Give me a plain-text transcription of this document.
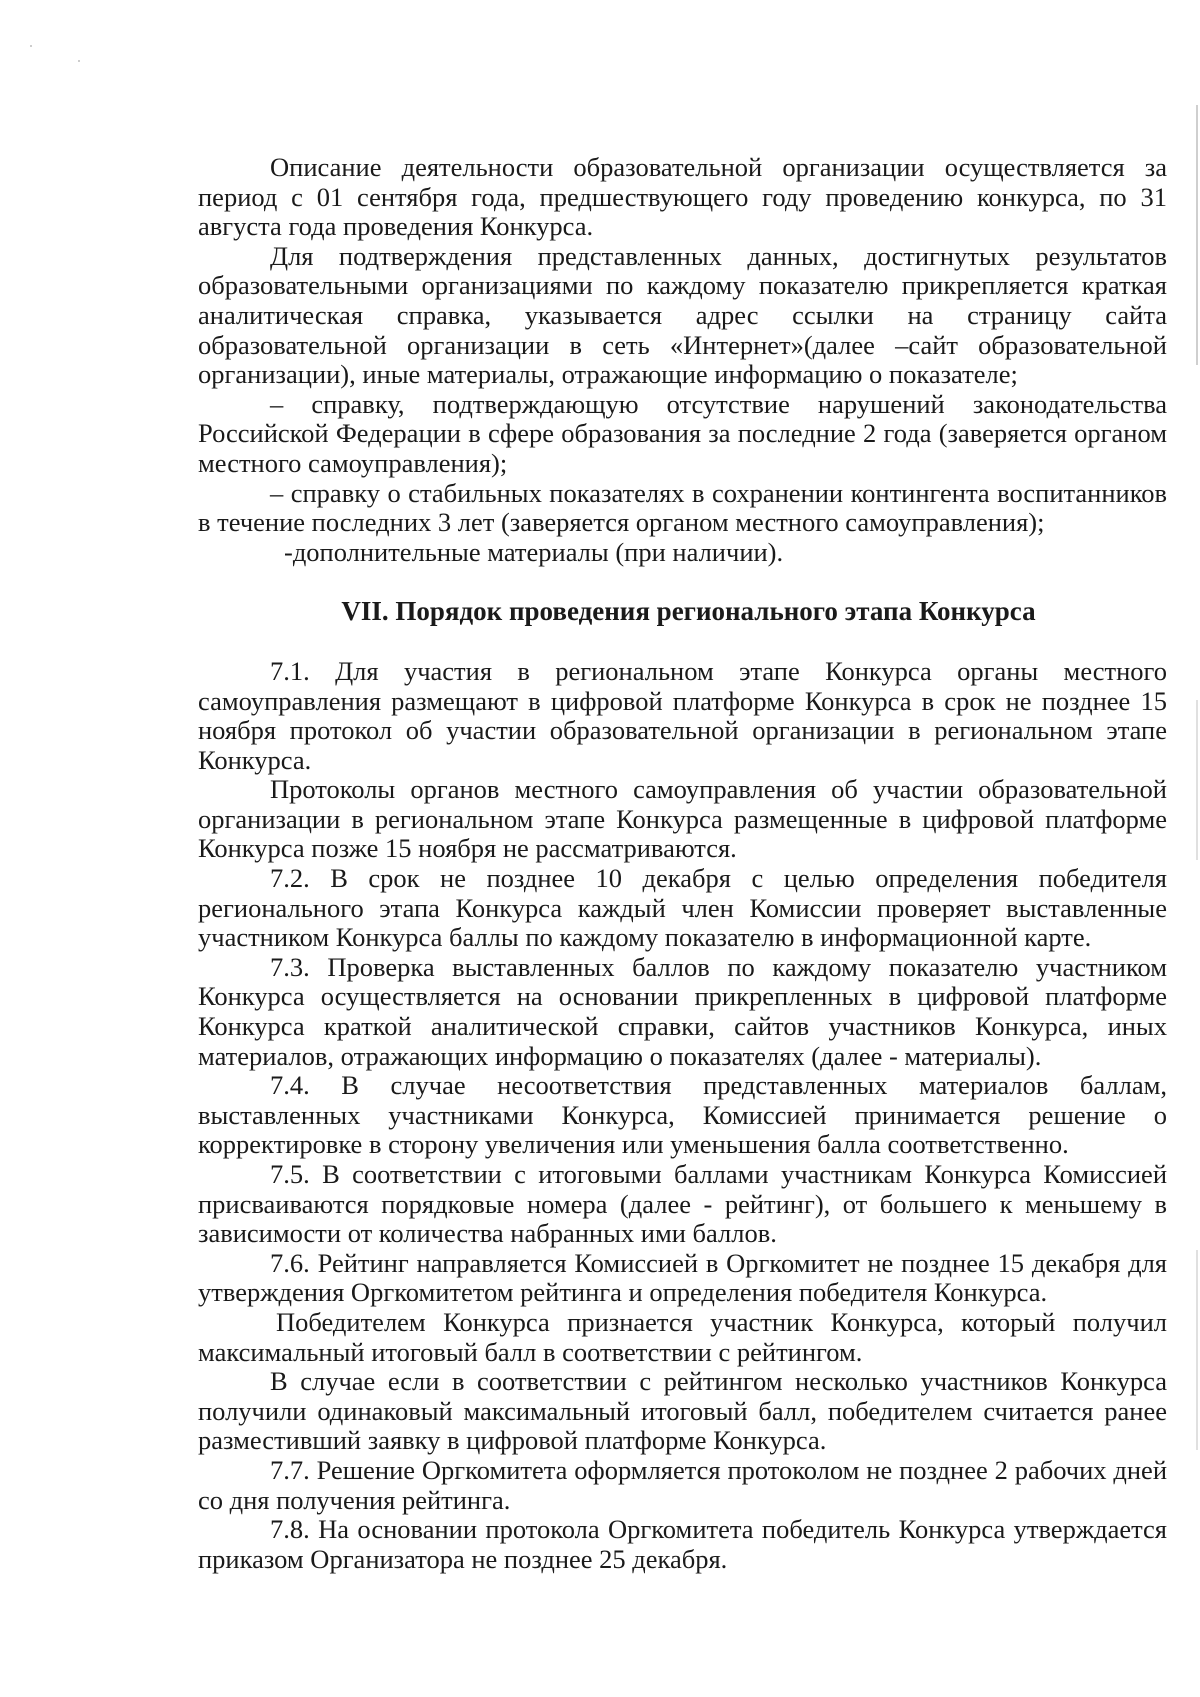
Описание деятельности образовательной организации осуществляется за период с 01 сентября года, предшествующего году проведению конкурса, по 31 августа года проведения Конкурса.

Для подтверждения представленных данных, достигнутых результатов образовательными организациями по каждому показателю прикрепляется краткая аналитическая справка, указывается адрес ссылки на страницу сайта образовательной организации в сеть «Интернет»(далее –сайт образовательной организации), иные материалы, отражающие информацию о показателе;

– справку, подтверждающую отсутствие нарушений законодательства Российской Федерации в сфере образования за последние 2 года (заверяется органом местного самоуправления);

– справку о стабильных показателях в сохранении контингента воспитанников в течение последних 3 лет (заверяется органом местного самоуправления);

-дополнительные материалы (при наличии).

VII. Порядок проведения регионального этапа Конкурса

7.1. Для участия в региональном этапе Конкурса органы местного самоуправления размещают в цифровой платформе Конкурса в срок не позднее 15 ноября протокол об участии образовательной организации в региональном этапе Конкурса.

Протоколы органов местного самоуправления об участии образовательной организации в региональном этапе Конкурса размещенные в цифровой платформе Конкурса позже 15 ноября не рассматриваются.

7.2. В срок не позднее 10 декабря с целью определения победителя регионального этапа Конкурса каждый член Комиссии проверяет выставленные участником Конкурса баллы по каждому показателю в информационной карте.

7.3. Проверка выставленных баллов по каждому показателю участником Конкурса осуществляется на основании прикрепленных в цифровой платформе Конкурса краткой аналитической справки, сайтов участников Конкурса, иных материалов, отражающих информацию о показателях (далее - материалы).

7.4. В случае несоответствия представленных материалов баллам, выставленных участниками Конкурса, Комиссией принимается решение о корректировке в сторону увеличения или уменьшения балла соответственно.

7.5. В соответствии с итоговыми баллами участникам Конкурса Комиссией присваиваются порядковые номера (далее - рейтинг), от большего к меньшему в зависимости от количества набранных ими баллов.

7.6. Рейтинг направляется Комиссией в Оргкомитет не позднее 15 декабря для утверждения Оргкомитетом рейтинга и определения победителя Конкурса.

Победителем Конкурса признается участник Конкурса, который получил максимальный итоговый балл в соответствии с рейтингом.

В случае если в соответствии с рейтингом несколько участников Конкурса получили одинаковый максимальный итоговый балл, победителем считается ранее разместивший заявку в цифровой платформе Конкурса.

7.7. Решение Оргкомитета оформляется протоколом не позднее 2 рабочих дней со дня получения рейтинга.

7.8. На основании протокола Оргкомитета победитель Конкурса утверждается приказом Организатора не позднее 25 декабря.
